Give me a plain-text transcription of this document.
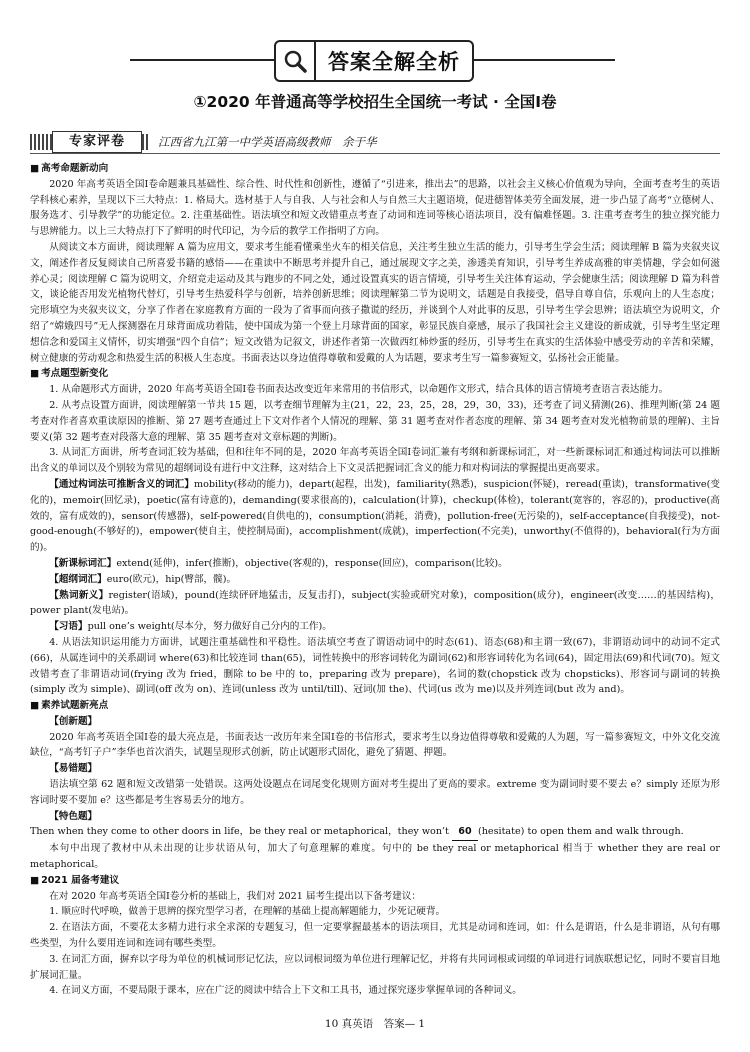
答案全解全析
①2020 年普通高等学校招生全国统一考试 · 全国Ⅰ卷
专家评卷	江西省九江第一中学英语高级教师　余于华
■ 高考命题新动向

2020 年高考英语全国Ⅰ卷命题兼具基础性、综合性、时代性和创新性，遵循了“引进来，推出去”的思路，以社会主义核心价值观为导向，全面考查考生的英语学科核心素养，呈现以下三大特点：1. 格局大。选材基于人与自我、人与社会和人与自然三大主题语境，促进德智体美劳全面发展，进一步凸显了高考“立德树人、服务选才、引导教学”的功能定位。2. 注重基础性。语法填空和短文改错重点考查了动词和连词等核心语法项目，没有偏难怪题。3. 注重考查考生的独立探究能力与思辨能力。以上三大特点打下了鲜明的时代印记，为今后的教学工作指明了方向。

从阅读文本方面讲，阅读理解 A 篇为应用文，要求考生能看懂乘坐火车的相关信息，关注考生独立生活的能力，引导考生学会生活；阅读理解 B 篇为夹叙夹议文，阐述作者反复阅读自己所喜爱书籍的感悟——在重读中不断思考并提升自己，通过展现文字之美，渗透美育知识，引导考生养成高雅的审美情趣，学会如何滋养心灵；阅读理解 C 篇为说明文，介绍竞走运动及其与跑步的不同之处，通过设置真实的语言情境，引导考生关注体育运动，学会健康生活；阅读理解 D 篇为科普文，谈论能否用发光植物代替灯，引导考生热爱科学与创新，培养创新思维；阅读理解第二节为说明文，话题是自我接受，倡导自尊自信，乐观向上的人生态度；完形填空为夹叙夹议文，分享了作者在家庭教育方面的一段为了省事而向孩子撒谎的经历，并谈到个人对此事的反思，引导考生学会思辨；语法填空为说明文，介绍了“嫦娥四号”无人探测器在月球背面成功着陆，使中国成为第一个登上月球背面的国家，彰显民族自豪感，展示了我国社会主义建设的新成就，引导考生坚定理想信念和爱国主义情怀，切实增强“四个自信”；短文改错为记叙文，讲述作者第一次做西红柿炒蛋的经历，引导考生在真实的生活体验中感受劳动的辛苦和荣耀，树立健康的劳动观念和热爱生活的积极人生态度。书面表达以身边值得尊敬和爱戴的人为话题，要求考生写一篇参赛短文，弘扬社会正能量。

■ 考点题型新变化

1. 从命题形式方面讲，2020 年高考英语全国Ⅰ卷书面表达改变近年来常用的书信形式，以命题作文形式，结合具体的语言情境考查语言表达能力。

2. 从考点设置方面讲，阅读理解第一节共 15 题，以考查细节理解为主(21，22，23，25，28，29，30，33)，还考查了词义猜测(26)、推理判断(第 24 题考查对作者喜欢重读原因的推断、第 27 题考查通过上下文对作者个人情况的理解、第 31 题考查对作者态度的理解、第 34 题考查对发光植物前景的理解)、主旨要义(第 32 题考查对段落大意的理解、第 35 题考查对文章标题的判断)。

3. 从词汇方面讲，所考查词汇较为基础，但和往年不同的是，2020 年高考英语全国Ⅰ卷词汇兼有考纲和新课标词汇，对一些新课标词汇和通过构词法可以推断出含义的单词以及个别较为常见的超纲词设有进行中文注释，这对结合上下文灵活把握词汇含义的能力和对构词法的掌握提出更高要求。

【通过构词法可推断含义的词汇】mobility(移动的能力)，depart(起程，出发)，familiarity(熟悉)，suspicion(怀疑)，reread(重读)，transformative(变化的)，memoir(回忆录)，poetic(富有诗意的)，demanding(要求很高的)，calculation(计算)，checkup(体检)，tolerant(宽容的，容忍的)，productive(高效的，富有成效的)，sensor(传感器)，self-powered(自供电的)，consumption(消耗，消费)，pollution-free(无污染的)，self-acceptance(自我接受)，not-good-enough(不够好的)，empower(使自主，使控制局面)，accomplishment(成就)，imperfection(不完美)，unworthy(不值得的)，behavioral(行为方面的)。

【新课标词汇】extend(延伸)，infer(推断)，objective(客观的)，response(回应)，comparison(比较)。

【超纲词汇】euro(欧元)，hip(臀部，髋)。

【熟词新义】register(语域)，pound(连续砰砰地猛击，反复击打)，subject(实验或研究对象)，composition(成分)，engineer(改变……的基因结构)，power plant(发电站)。

【习语】pull one’s weight(尽本分，努力做好自己分内的工作)。

4. 从语法知识运用能力方面讲，试题注重基础性和平稳性。语法填空考查了谓语动词中的时态(61)、语态(68)和主谓一致(67)，非谓语动词中的动词不定式(66)，从属连词中的关系副词 where(63)和比较连词 than(65)，词性转换中的形容词转化为副词(62)和形容词转化为名词(64)，固定用法(69)和代词(70)。短文改错考查了非谓语动词(frying 改为 fried，删除 to be 中的 to，preparing 改为 prepare)，名词的数(chopstick 改为 chopsticks)、形容词与副词的转换(simply 改为 simple)、副词(off 改为 on)、连词(unless 改为 until/till)、冠词(加 the)、代词(us 改为 me)以及并列连词(but 改为 and)。

■ 素养试题新亮点

【创新题】

2020 年高考英语全国Ⅰ卷的最大亮点是，书面表达一改历年来全国Ⅰ卷的书信形式，要求考生以身边值得尊敬和爱戴的人为题，写一篇参赛短文，中外文化交流缺位，“高考钉子户”李华也首次消失，试题呈现形式创新，防止试题形式固化，避免了猜题、押题。

【易错题】

语法填空第 62 题和短文改错第一处错误。这两处设题点在词尾变化规则方面对考生提出了更高的要求。extreme 变为副词时要不要去 e？simply 还原为形容词时要不要加 e？这些都是考生容易丢分的地方。

【特色题】

Then when they come to other doors in life，be they real or metaphorical，they won’t 60 (hesitate) to open them and walk through.

本句中出现了教材中从未出现的让步状语从句，加大了句意理解的难度。句中的 be they real or metaphorical 相当于 whether they are real or metaphorical。

■ 2021 届备考建议

在对 2020 年高考英语全国Ⅰ卷分析的基础上，我们对 2021 届考生提出以下备考建议：

1. 顺应时代呼唤，做善于思辨的探究型学习者，在理解的基础上提高解题能力，少死记硬背。

2. 在语法方面，不要花太多精力进行求全求深的专题复习，但一定要掌握最基本的语法项目，尤其是动词和连词，如：什么是谓语，什么是非谓语，从句有哪些类型，为什么要用连词和连词有哪些类型。

3. 在词汇方面，摒弃以字母为单位的机械词形记忆法，应以词根词缀为单位进行理解记忆，并将有共同词根或词缀的单词进行词族联想记忆，同时不要盲目地扩展词汇量。

4. 在词义方面，不要局限于课本，应在广泛的阅读中结合上下文和工具书，通过探究逐步掌握单词的各种词义。

10 真英语　答案— 1
